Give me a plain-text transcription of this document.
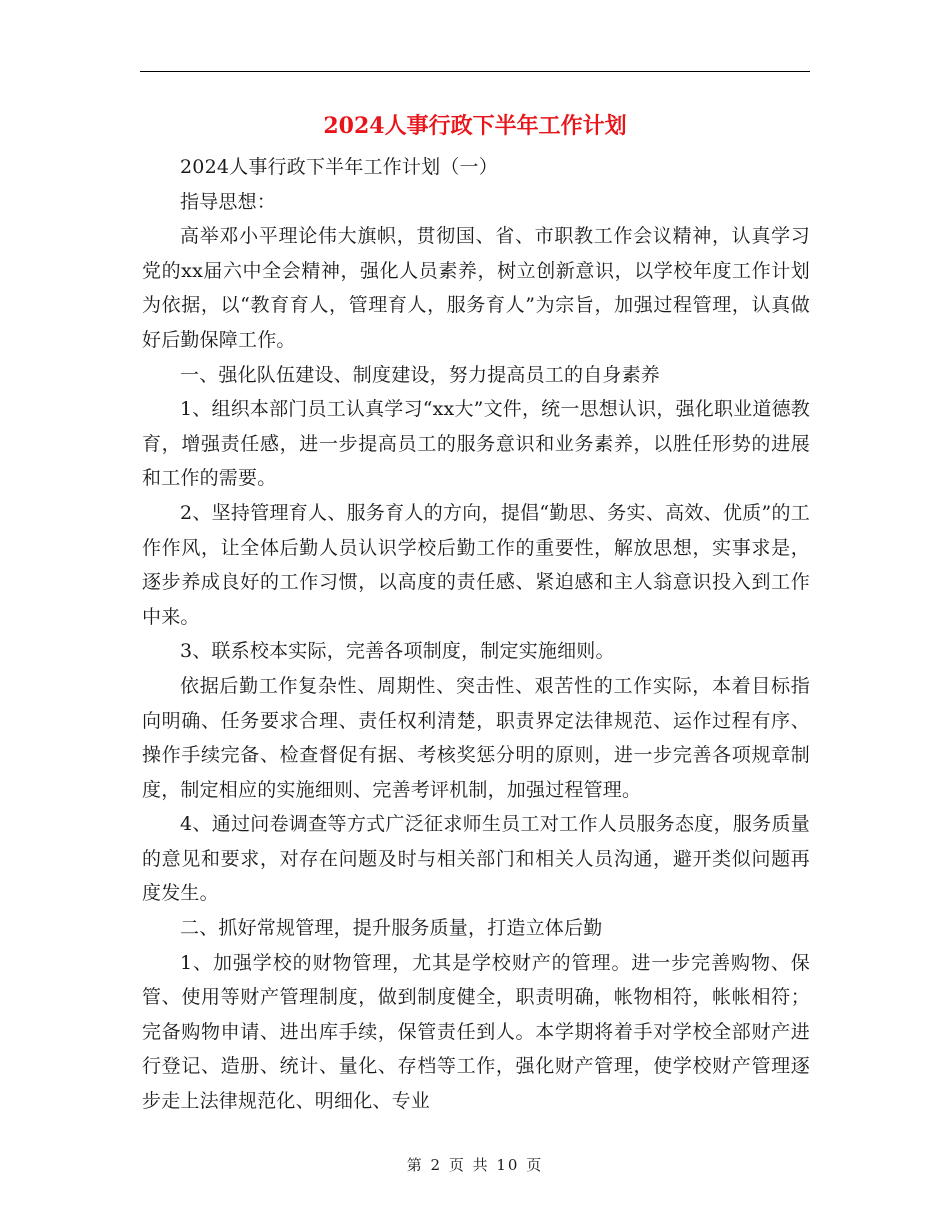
2024人事行政下半年工作计划

2024人事行政下半年工作计划（一）

指导思想：

高举邓小平理论伟大旗帜，贯彻国、省、市职教工作会议精神，认真学习党的xx届六中全会精神，强化人员素养，树立创新意识，以学校年度工作计划为依据，以“教育育人，管理育人，服务育人”为宗旨，加强过程管理，认真做好后勤保障工作。

一、强化队伍建设、制度建设，努力提高员工的自身素养

1、组织本部门员工认真学习“xx大”文件，统一思想认识，强化职业道德教育，增强责任感，进一步提高员工的服务意识和业务素养，以胜任形势的进展和工作的需要。

2、坚持管理育人、服务育人的方向，提倡“勤思、务实、高效、优质”的工作作风，让全体后勤人员认识学校后勤工作的重要性，解放思想，实事求是，逐步养成良好的工作习惯，以高度的责任感、紧迫感和主人翁意识投入到工作中来。

3、联系校本实际，完善各项制度，制定实施细则。

依据后勤工作复杂性、周期性、突击性、艰苦性的工作实际，本着目标指向明确、任务要求合理、责任权利清楚，职责界定法律规范、运作过程有序、操作手续完备、检查督促有据、考核奖惩分明的原则，进一步完善各项规章制度，制定相应的实施细则、完善考评机制，加强过程管理。

4、通过问卷调查等方式广泛征求师生员工对工作人员服务态度，服务质量的意见和要求，对存在问题及时与相关部门和相关人员沟通，避开类似问题再度发生。

二、抓好常规管理，提升服务质量，打造立体后勤

1、加强学校的财物管理，尤其是学校财产的管理。进一步完善购物、保管、使用等财产管理制度，做到制度健全，职责明确，帐物相符，帐帐相符；完备购物申请、进出库手续，保管责任到人。本学期将着手对学校全部财产进行登记、造册、统计、量化、存档等工作，强化财产管理，使学校财产管理逐步走上法律规范化、明细化、专业

第 2 页 共 10 页
